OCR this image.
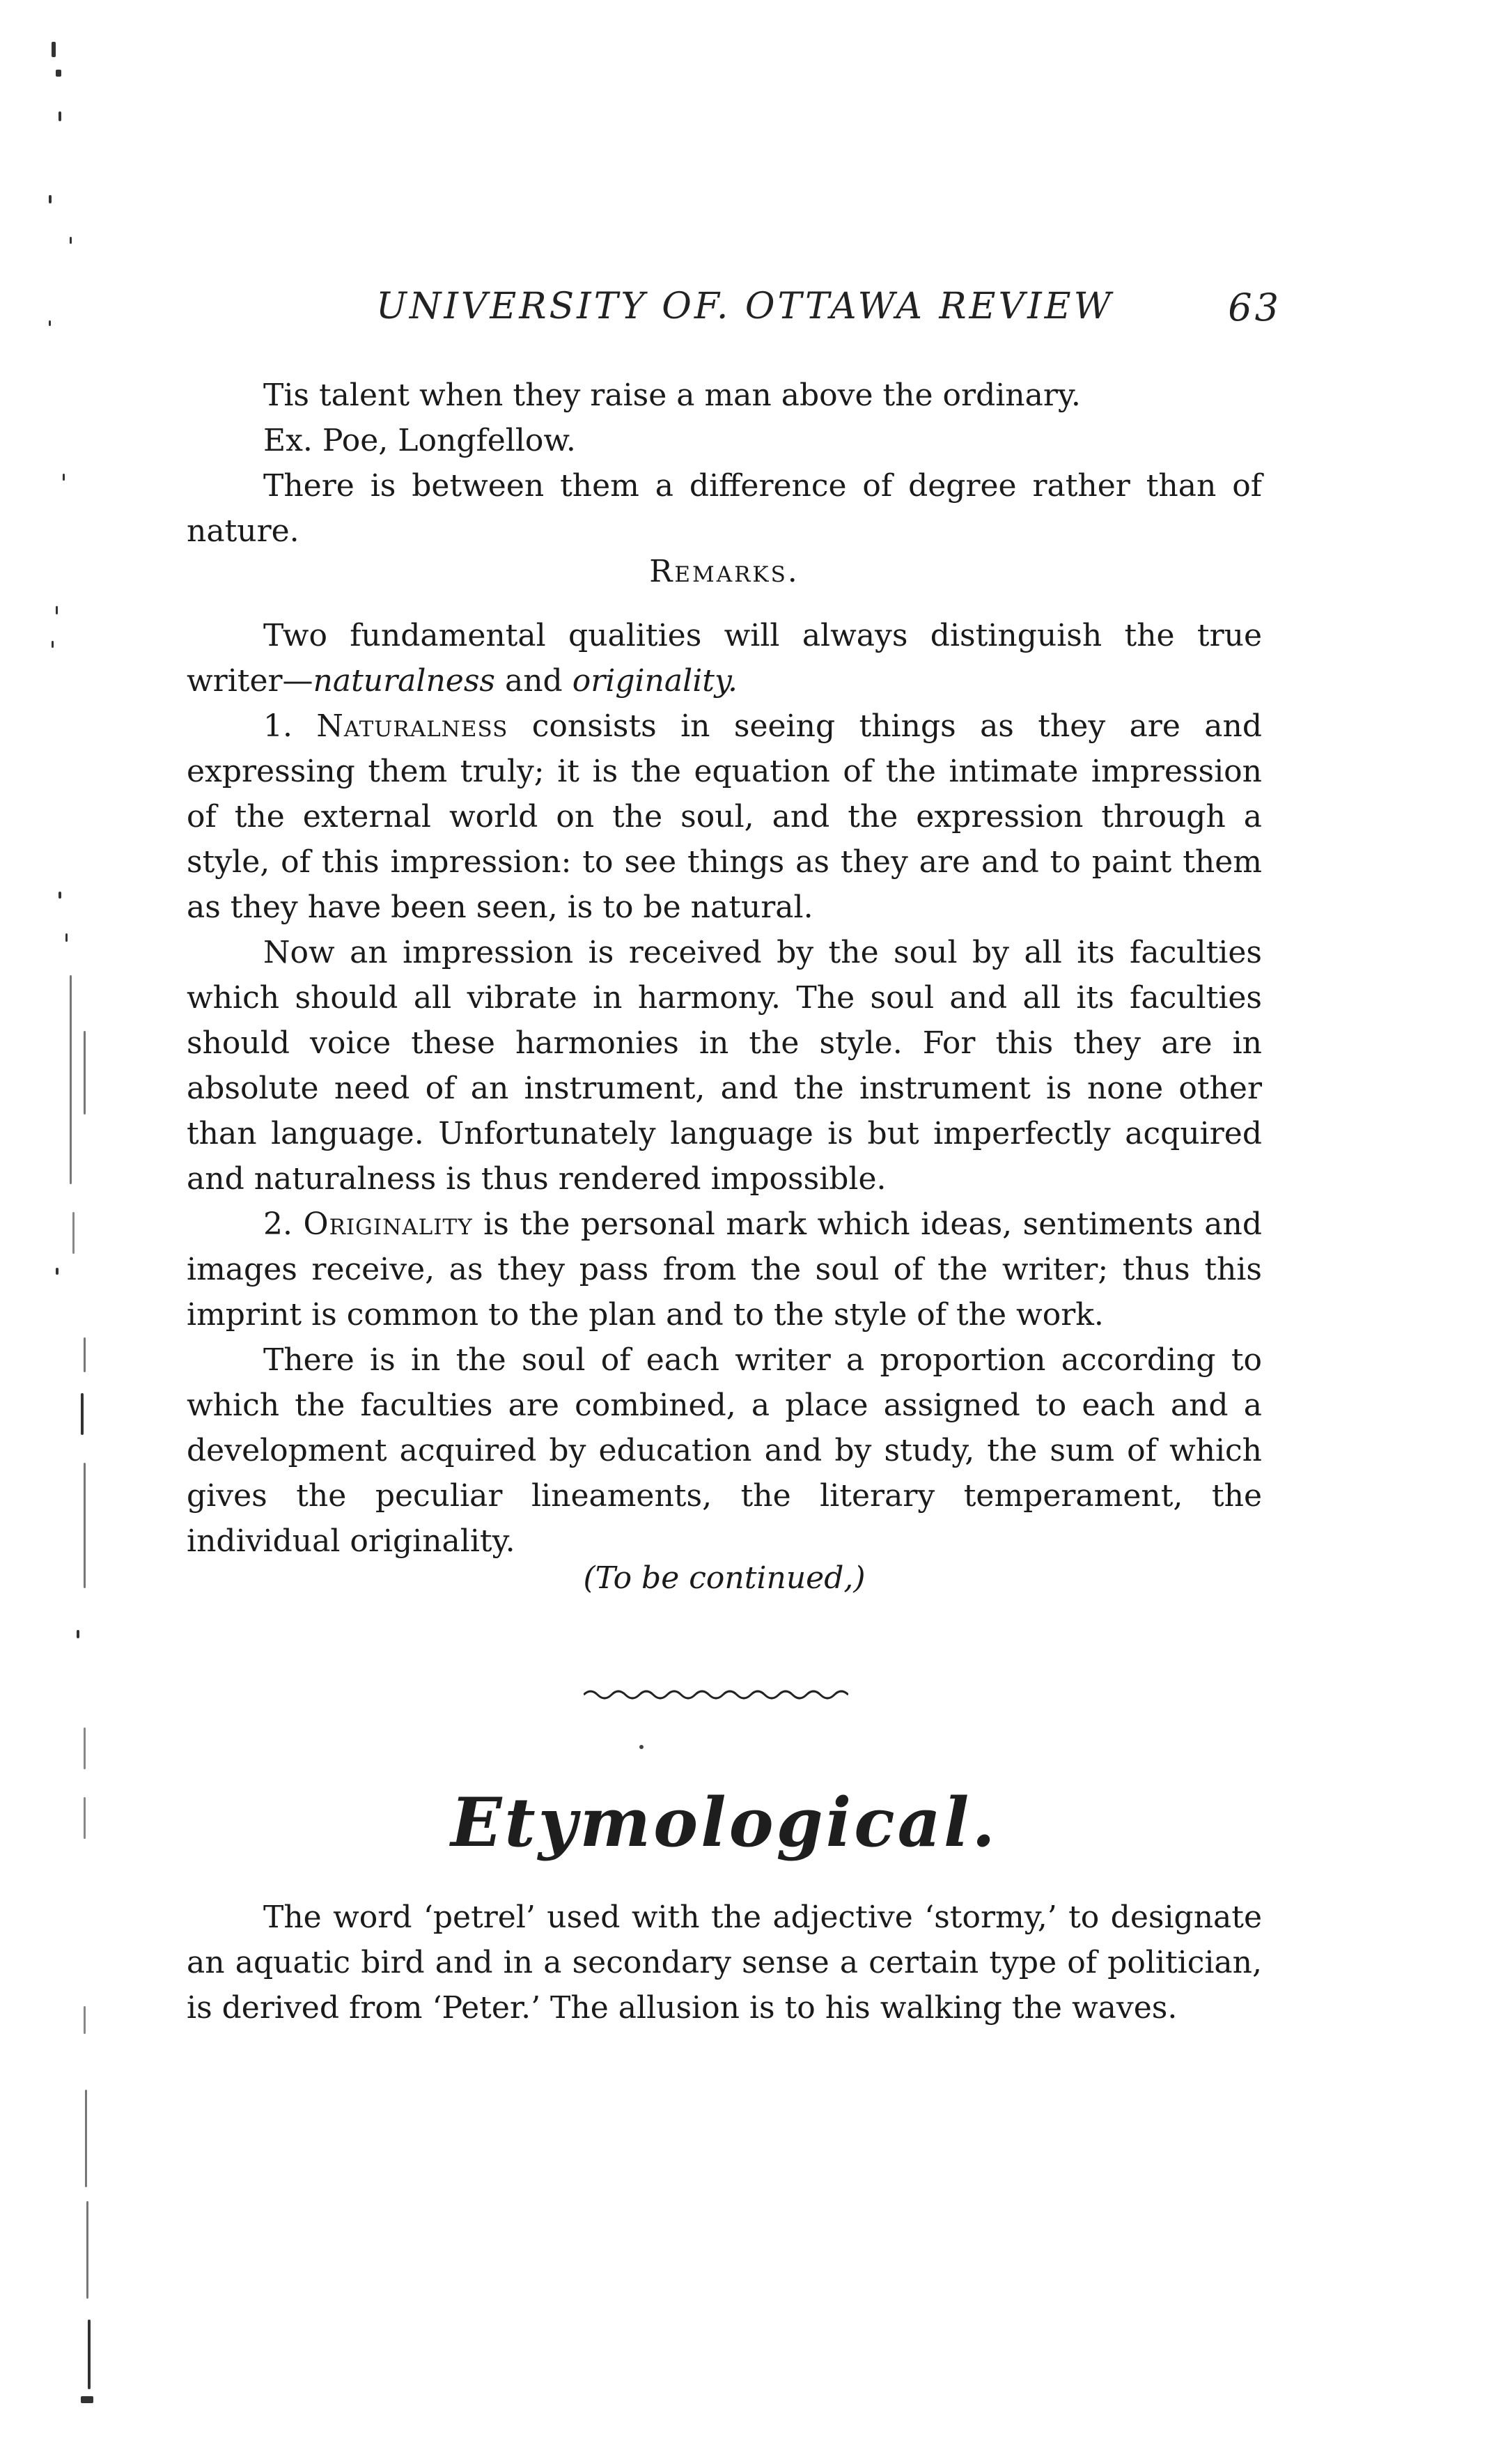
UNIVERSITY OF. OTTAWA REVIEW	63

Tis talent when they raise a man above the ordinary.

Ex. Poe, Longfellow.

There is between them a difference of degree rather than of nature.

Remarks.

Two fundamental qualities will always distinguish the true writer—naturalness and originality.

1. Naturalness consists in seeing things as they are and expressing them truly; it is the equation of the intimate impression of the external world on the soul, and the expression through a style, of this impression: to see things as they are and to paint them as they have been seen, is to be natural.

Now an impression is received by the soul by all its faculties which should all vibrate in harmony. The soul and all its faculties should voice these harmonies in the style. For this they are in absolute need of an instrument, and the instrument is none other than language. Unfortunately language is but imperfectly acquired and naturalness is thus rendered impossible.

2. Originality is the personal mark which ideas, sentiments and images receive, as they pass from the soul of the writer; thus this imprint is common to the plan and to the style of the work.

There is in the soul of each writer a proportion according to which the faculties are combined, a place assigned to each and a development acquired by education and by study, the sum of which gives the peculiar lineaments, the literary temperament, the individual originality.

(To be continued,)
Etymological.

The word ‘petrel’ used with the adjective ‘stormy,’ to designate an aquatic bird and in a secondary sense a certain type of politician, is derived from ‘Peter.’ The allusion is to his walking the waves.
